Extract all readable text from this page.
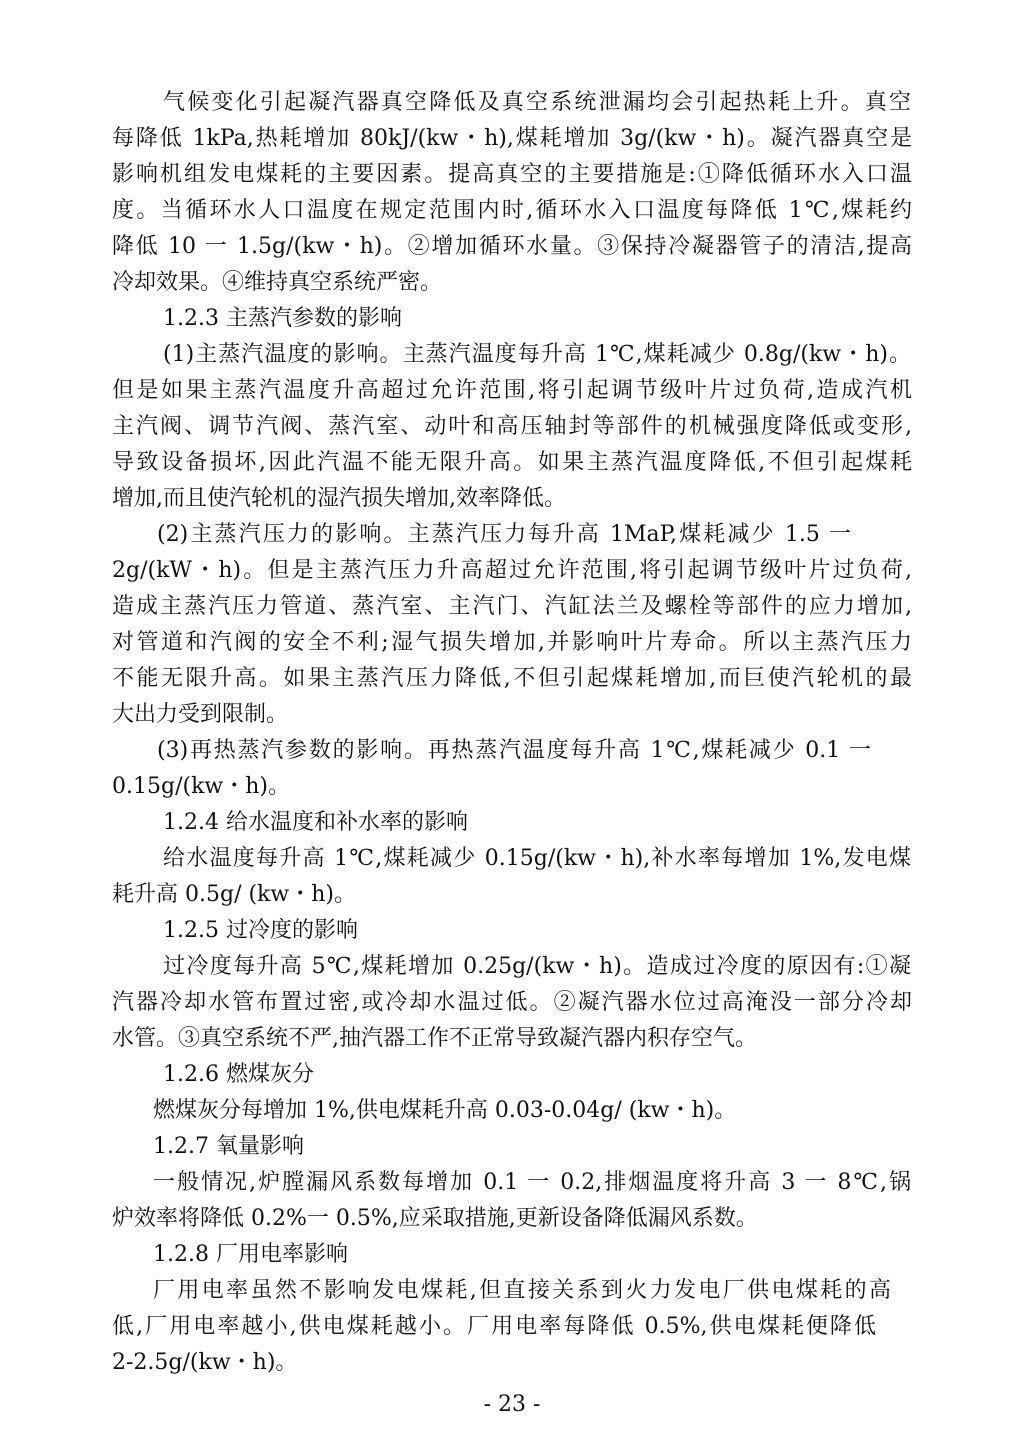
气候变化引起凝汽器真空降低及真空系统泄漏均会引起热耗上升。真空
每降低 1kPa,热耗增加 80kJ/(kw・h),煤耗增加 3g/(kw・h)。凝汽器真空是
影响机组发电煤耗的主要因素。提高真空的主要措施是:①降低循环水入口温
度。当循环水人口温度在规定范围内时,循环水入口温度每降低 1℃,煤耗约
降低 10 一 1.5g/(kw・h)。②增加循环水量。③保持冷凝器管子的清洁,提高
冷却效果。④维持真空系统严密。
1.2.3 主蒸汽参数的影响
(1)主蒸汽温度的影响。主蒸汽温度每升高 1℃,煤耗减少 0.8g/(kw・h)。
但是如果主蒸汽温度升高超过允许范围,将引起调节级叶片过负荷,造成汽机
主汽阀、调节汽阀、蒸汽室、动叶和高压轴封等部件的机械强度降低或变形,
导致设备损坏,因此汽温不能无限升高。如果主蒸汽温度降低,不但引起煤耗
增加,而且使汽轮机的湿汽损失增加,效率降低。
(2)主蒸汽压力的影响。主蒸汽压力每升高 1MaP,煤耗减少 1.5 一
2g/(kW・h)。但是主蒸汽压力升高超过允许范围,将引起调节级叶片过负荷,
造成主蒸汽压力管道、蒸汽室、主汽门、汽缸法兰及螺栓等部件的应力增加,
对管道和汽阀的安全不利;湿气损失增加,并影响叶片寿命。所以主蒸汽压力
不能无限升高。如果主蒸汽压力降低,不但引起煤耗增加,而巨使汽轮机的最
大出力受到限制。
(3)再热蒸汽参数的影响。再热蒸汽温度每升高 1℃,煤耗减少 0.1 一
0.15g/(kw・h)。
1.2.4 给水温度和补水率的影响
给水温度每升高 1℃,煤耗减少 0.15g/(kw・h),补水率每增加 1%,发电煤
耗升高 0.5g/ (kw・h)。
1.2.5 过冷度的影响
过冷度每升高 5℃,煤耗增加 0.25g/(kw・h)。造成过冷度的原因有:①凝
汽器冷却水管布置过密,或冷却水温过低。②凝汽器水位过高淹没一部分冷却
水管。③真空系统不严,抽汽器工作不正常导致凝汽器内积存空气。
1.2.6 燃煤灰分
燃煤灰分每增加 1%,供电煤耗升高 0.03-0.04g/ (kw・h)。
1.2.7 氧量影响
一般情况,炉膛漏风系数每增加 0.1 一 0.2,排烟温度将升高 3 一 8℃,锅
炉效率将降低 0.2%一 0.5%,应采取措施,更新设备降低漏风系数。
1.2.8 厂用电率影响
厂用电率虽然不影响发电煤耗,但直接关系到火力发电厂供电煤耗的高
低,厂用电率越小,供电煤耗越小。厂用电率每降低 0.5%,供电煤耗便降低
2-2.5g/(kw・h)。
- 23 -
